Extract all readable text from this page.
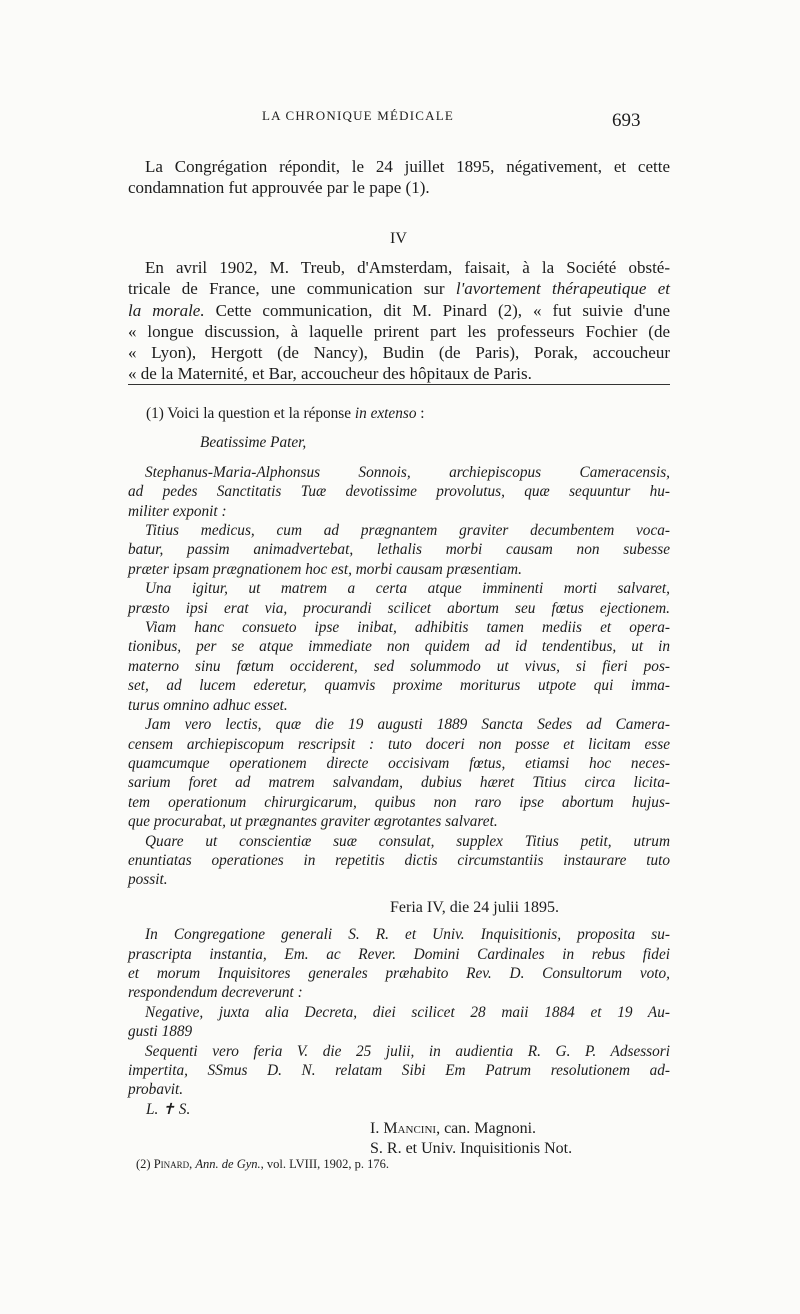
LA CHRONIQUE MÉDICALE	693
La Congrégation répondit, le 24 juillet 1895, négativement, et cette
condamnation fut approuvée par le pape (1).
IV
En avril 1902, M. Treub, d'Amsterdam, faisait, à la Société obsté-
tricale de France, une communication sur l'avortement thérapeutique et
la morale. Cette communication, dit M. Pinard (2), « fut suivie d'une
« longue discussion, à laquelle prirent part les professeurs Fochier (de
« Lyon), Hergott (de Nancy), Budin (de Paris), Porak, accoucheur
« de la Maternité, et Bar, accoucheur des hôpitaux de Paris.
(1) Voici la question et la réponse in extenso :
Beatissime Pater,
Stephanus-Maria-Alphonsus Sonnois, archiepiscopus Cameracensis,
ad pedes Sanctitatis Tuæ devotissime provolutus, quæ sequuntur hu-
militer exponit :
Titius medicus, cum ad prægnantem graviter decumbentem voca-
batur, passim animadvertebat, lethalis morbi causam non subesse
præter ipsam prægnationem hoc est, morbi causam præsentiam.
Una igitur, ut matrem a certa atque imminenti morti salvaret,
præsto ipsi erat via, procurandi scilicet abortum seu fœtus ejectionem.
Viam hanc consueto ipse inibat, adhibitis tamen mediis et opera-
tionibus, per se atque immediate non quidem ad id tendentibus, ut in
materno sinu fœtum occiderent, sed solummodo ut vivus, si fieri pos-
set, ad lucem ederetur, quamvis proxime moriturus utpote qui imma-
turus omnino adhuc esset.
Jam vero lectis, quæ die 19 augusti 1889 Sancta Sedes ad Camera-
censem archiepiscopum rescripsit : tuto doceri non posse et licitam esse
quamcumque operationem directe occisivam fœtus, etiamsi hoc neces-
sarium foret ad matrem salvandam, dubius hæret Titius circa licita-
tem operationum chirurgicarum, quibus non raro ipse abortum hujus-
que procurabat, ut prægnantes graviter ægrotantes salvaret.
Quare ut conscientiæ suæ consulat, supplex Titius petit, utrum
enuntiatas operationes in repetitis dictis circumstantiis instaurare tuto
possit.
Feria IV, die 24 julii 1895.
In Congregatione generali S. R. et Univ. Inquisitionis, proposita su-
prascripta instantia, Em. ac Rever. Domini Cardinales in rebus fidei
et morum Inquisitores generales præhabito Rev. D. Consultorum voto,
respondendum decreverunt :
Negative, juxta alia Decreta, diei scilicet 28 maii 1884 et 19 Au-
gusti 1889
Sequenti vero feria V. die 25 julii, in audientia R. G. P. Adsessori
impertita, SSmus D. N. relatam Sibi Em Patrum resolutionem ad-
probavit.
L. ✝ S.
I. Mancini, can. Magnoni.
S. R. et Univ. Inquisitionis Not.
(2) Pinard, Ann. de Gyn., vol. LVIII, 1902, p. 176.
